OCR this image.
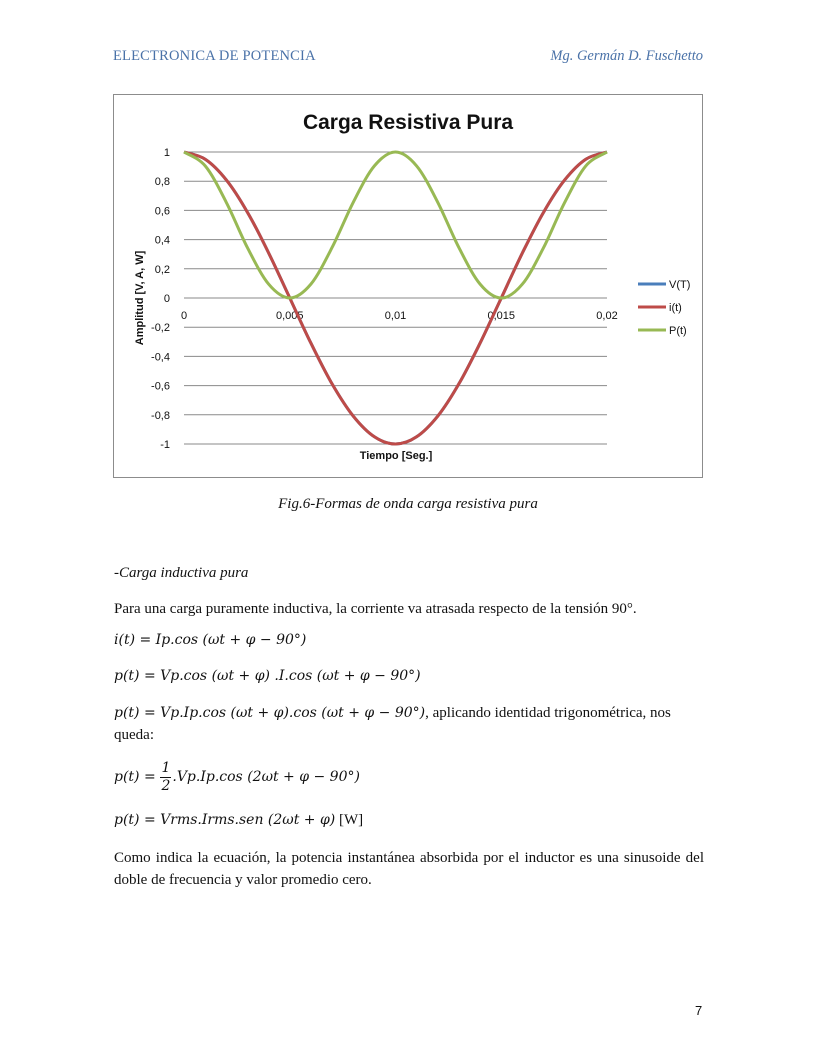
ELECTRONICA DE POTENCIA	Mg. Germán D. Fuschetto
Carga Resistiva Pura
1
0,8
0,6
0,4
0,2
0
-0,2
-0,4
-0,6
-0,8
-1
0	0,005	0,01	0,015	0,02
Amplitud [V, A, W]
Tiempo [Seg.]
V(T)
i(t)
P(t)
Fig.6-Formas de onda carga resistiva pura
-Carga inductiva pura
Para una carga puramente inductiva, la corriente va atrasada respecto de la tensión 90°.
i(t) = Ip.cos (ωt + φ − 90°)
p(t) = Vp.cos (ωt + φ) .I.cos (ωt + φ − 90°)
p(t) = Vp.Ip.cos (ωt + φ).cos (ωt + φ − 90°), aplicando identidad trigonométrica, nos
queda:
$p(t) = \frac{1}{2} .Vp.Ip.\cos$ (2ωt + φ − 90°)
p(t) = Vrms.Irms.sen (2ωt + φ) [W]
Como indica la ecuación, la potencia instantánea absorbida por el inductor es una sinusoide del doble de frecuencia y valor promedio cero.
7
